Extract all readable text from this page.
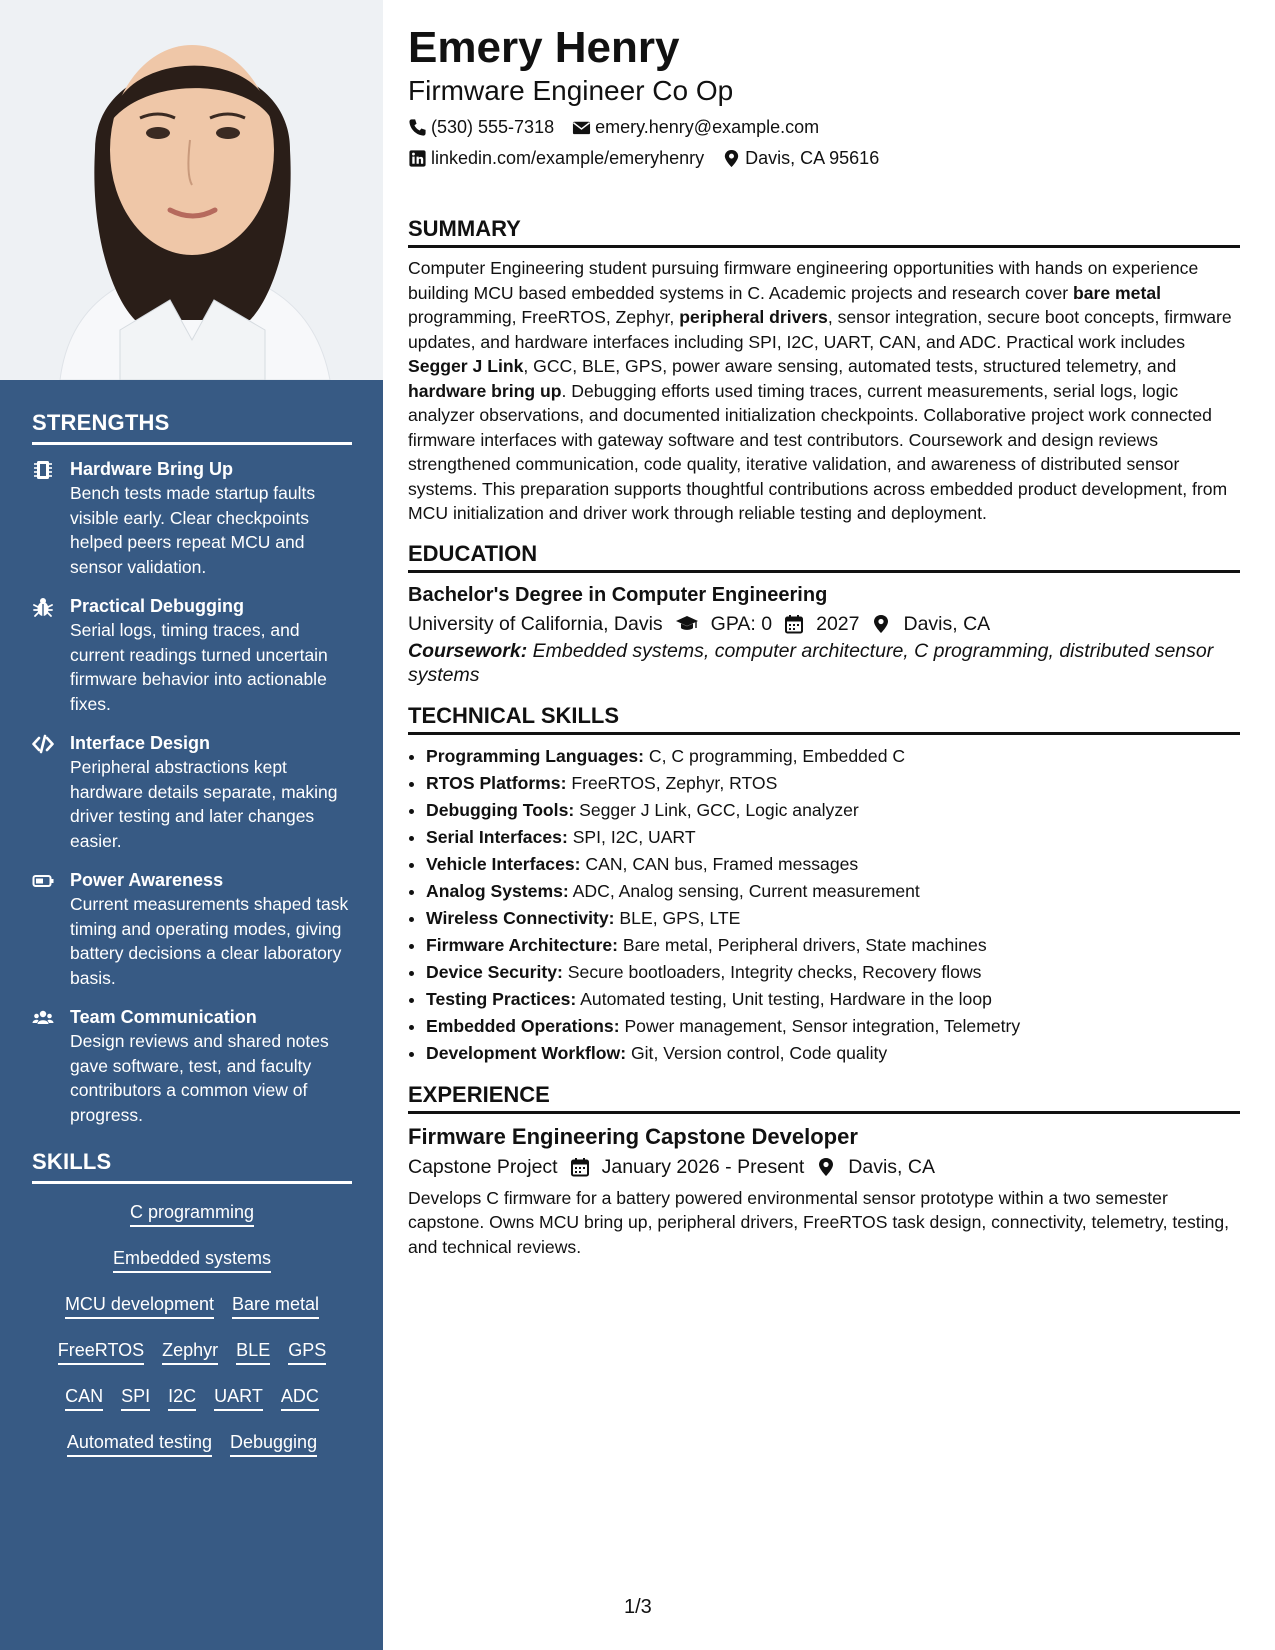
STRENGTHS
Hardware Bring Up
Bench tests made startup faults visible early. Clear checkpoints helped peers repeat MCU and sensor validation.
Practical Debugging
Serial logs, timing traces, and current readings turned uncertain firmware behavior into actionable fixes.
Interface Design
Peripheral abstractions kept hardware details separate, making driver testing and later changes easier.
Power Awareness
Current measurements shaped task timing and operating modes, giving battery decisions a clear laboratory basis.
Team Communication
Design reviews and shared notes gave software, test, and faculty contributors a common view of progress.
SKILLS
C programming
Embedded systems
MCU development Bare metal
FreeRTOS Zephyr BLE GPS
CAN SPI I2C UART ADC
Automated testing Debugging
Emery Henry
Firmware Engineer Co Op
(530) 555-7318 emery.henry@example.com
linkedin.com/example/emeryhenry Davis, CA 95616
SUMMARY

Computer Engineering student pursuing firmware engineering opportunities with hands on experience building MCU based embedded systems in C. Academic projects and research cover bare metal programming, FreeRTOS, Zephyr, peripheral drivers, sensor integration, secure boot concepts, firmware updates, and hardware interfaces including SPI, I2C, UART, CAN, and ADC. Practical work includes Segger J Link, GCC, BLE, GPS, power aware sensing, automated tests, structured telemetry, and hardware bring up. Debugging efforts used timing traces, current measurements, serial logs, logic analyzer observations, and documented initialization checkpoints. Collaborative project work connected firmware interfaces with gateway software and test contributors. Coursework and design reviews strengthened communication, code quality, iterative validation, and awareness of distributed sensor systems. This preparation supports thoughtful contributions across embedded product development, from MCU initialization and driver work through reliable testing and deployment.

EDUCATION
Bachelor's Degree in Computer Engineering
University of California, Davis GPA: 0 2027 Davis, CA
Coursework: Embedded systems, computer architecture, C programming, distributed sensor systems
TECHNICAL SKILLS
• Programming Languages: C, C programming, Embedded C
• RTOS Platforms: FreeRTOS, Zephyr, RTOS
• Debugging Tools: Segger J Link, GCC, Logic analyzer
• Serial Interfaces: SPI, I2C, UART
• Vehicle Interfaces: CAN, CAN bus, Framed messages
• Analog Systems: ADC, Analog sensing, Current measurement
• Wireless Connectivity: BLE, GPS, LTE
• Firmware Architecture: Bare metal, Peripheral drivers, State machines
• Device Security: Secure bootloaders, Integrity checks, Recovery flows
• Testing Practices: Automated testing, Unit testing, Hardware in the loop
• Embedded Operations: Power management, Sensor integration, Telemetry
• Development Workflow: Git, Version control, Code quality
EXPERIENCE
Firmware Engineering Capstone Developer
Capstone Project January 2026 - Present Davis, CA
Develops C firmware for a battery powered environmental sensor prototype within a two semester capstone. Owns MCU bring up, peripheral drivers, FreeRTOS task design, connectivity, telemetry, testing, and technical reviews.
1/3
